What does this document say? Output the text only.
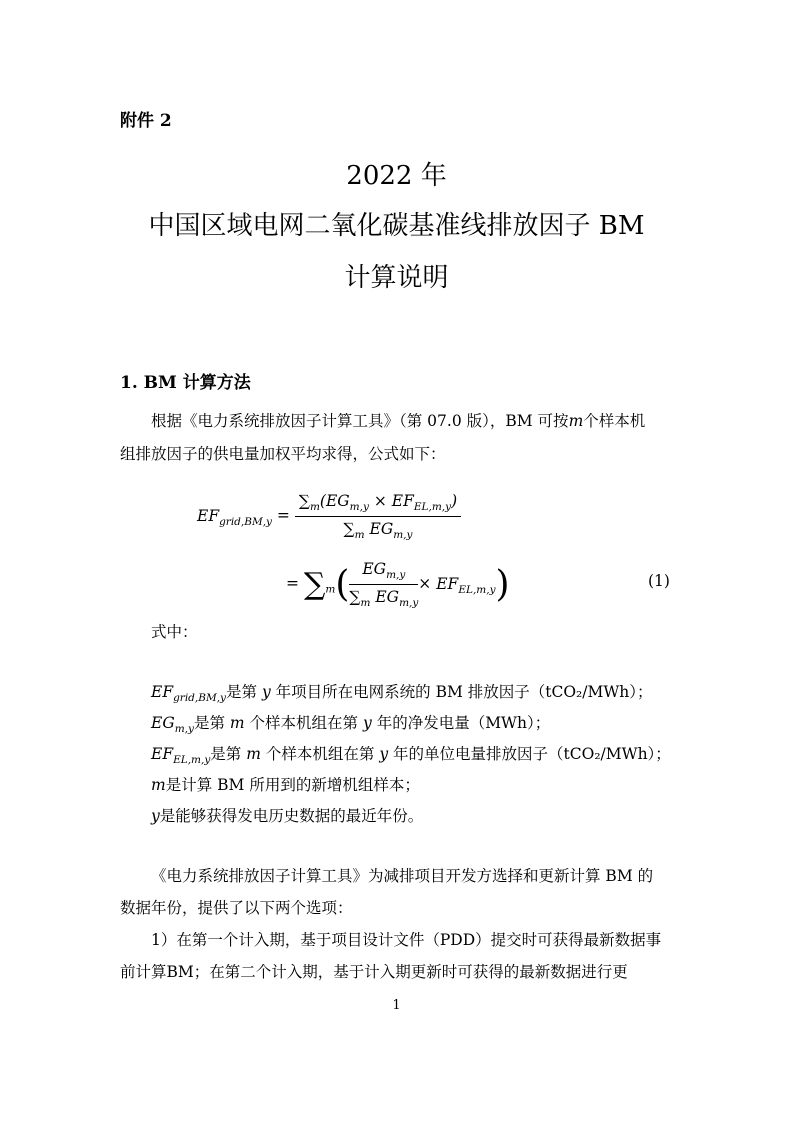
附件 2
2022 年
中国区域电网二氧化碳基准线排放因子 BM
计算说明
1. BM 计算方法

根据《电力系统排放因子计算工具》（第 07.0 版），BM 可按m个样本机

组排放因子的供电量加权平均求得，公式如下：
$EF_{grid,BM,y} = \frac{\sum_m(EG_{m,y} \times EF_{EL,m,y})}{\sum_m EG_{m,y}}$
= $\sum_m( \frac{EG_{m,y}}{\sum_m EG_{m,y}} \times EF_{EL,m,y})$	(1)
式中：
$EF_{grid,BM,y}$是第 y 年项目所在电网系统的 BM 排放因子（tCO₂/MWh）；
$EG_{m,y}$是第 m 个样本机组在第 y 年的净发电量（MWh）；
$EF_{EL,m,y}$是第 m 个样本机组在第 y 年的单位电量排放因子（tCO₂/MWh）；
m是计算 BM 所用到的新增机组样本；
y是能够获得发电历史数据的最近年份。
《电力系统排放因子计算工具》为减排项目开发方选择和更新计算 BM 的
数据年份，提供了以下两个选项：
1）在第一个计入期，基于项目设计文件（PDD）提交时可获得最新数据事
前计算BM；在第二个计入期，基于计入期更新时可获得的最新数据进行更
1
